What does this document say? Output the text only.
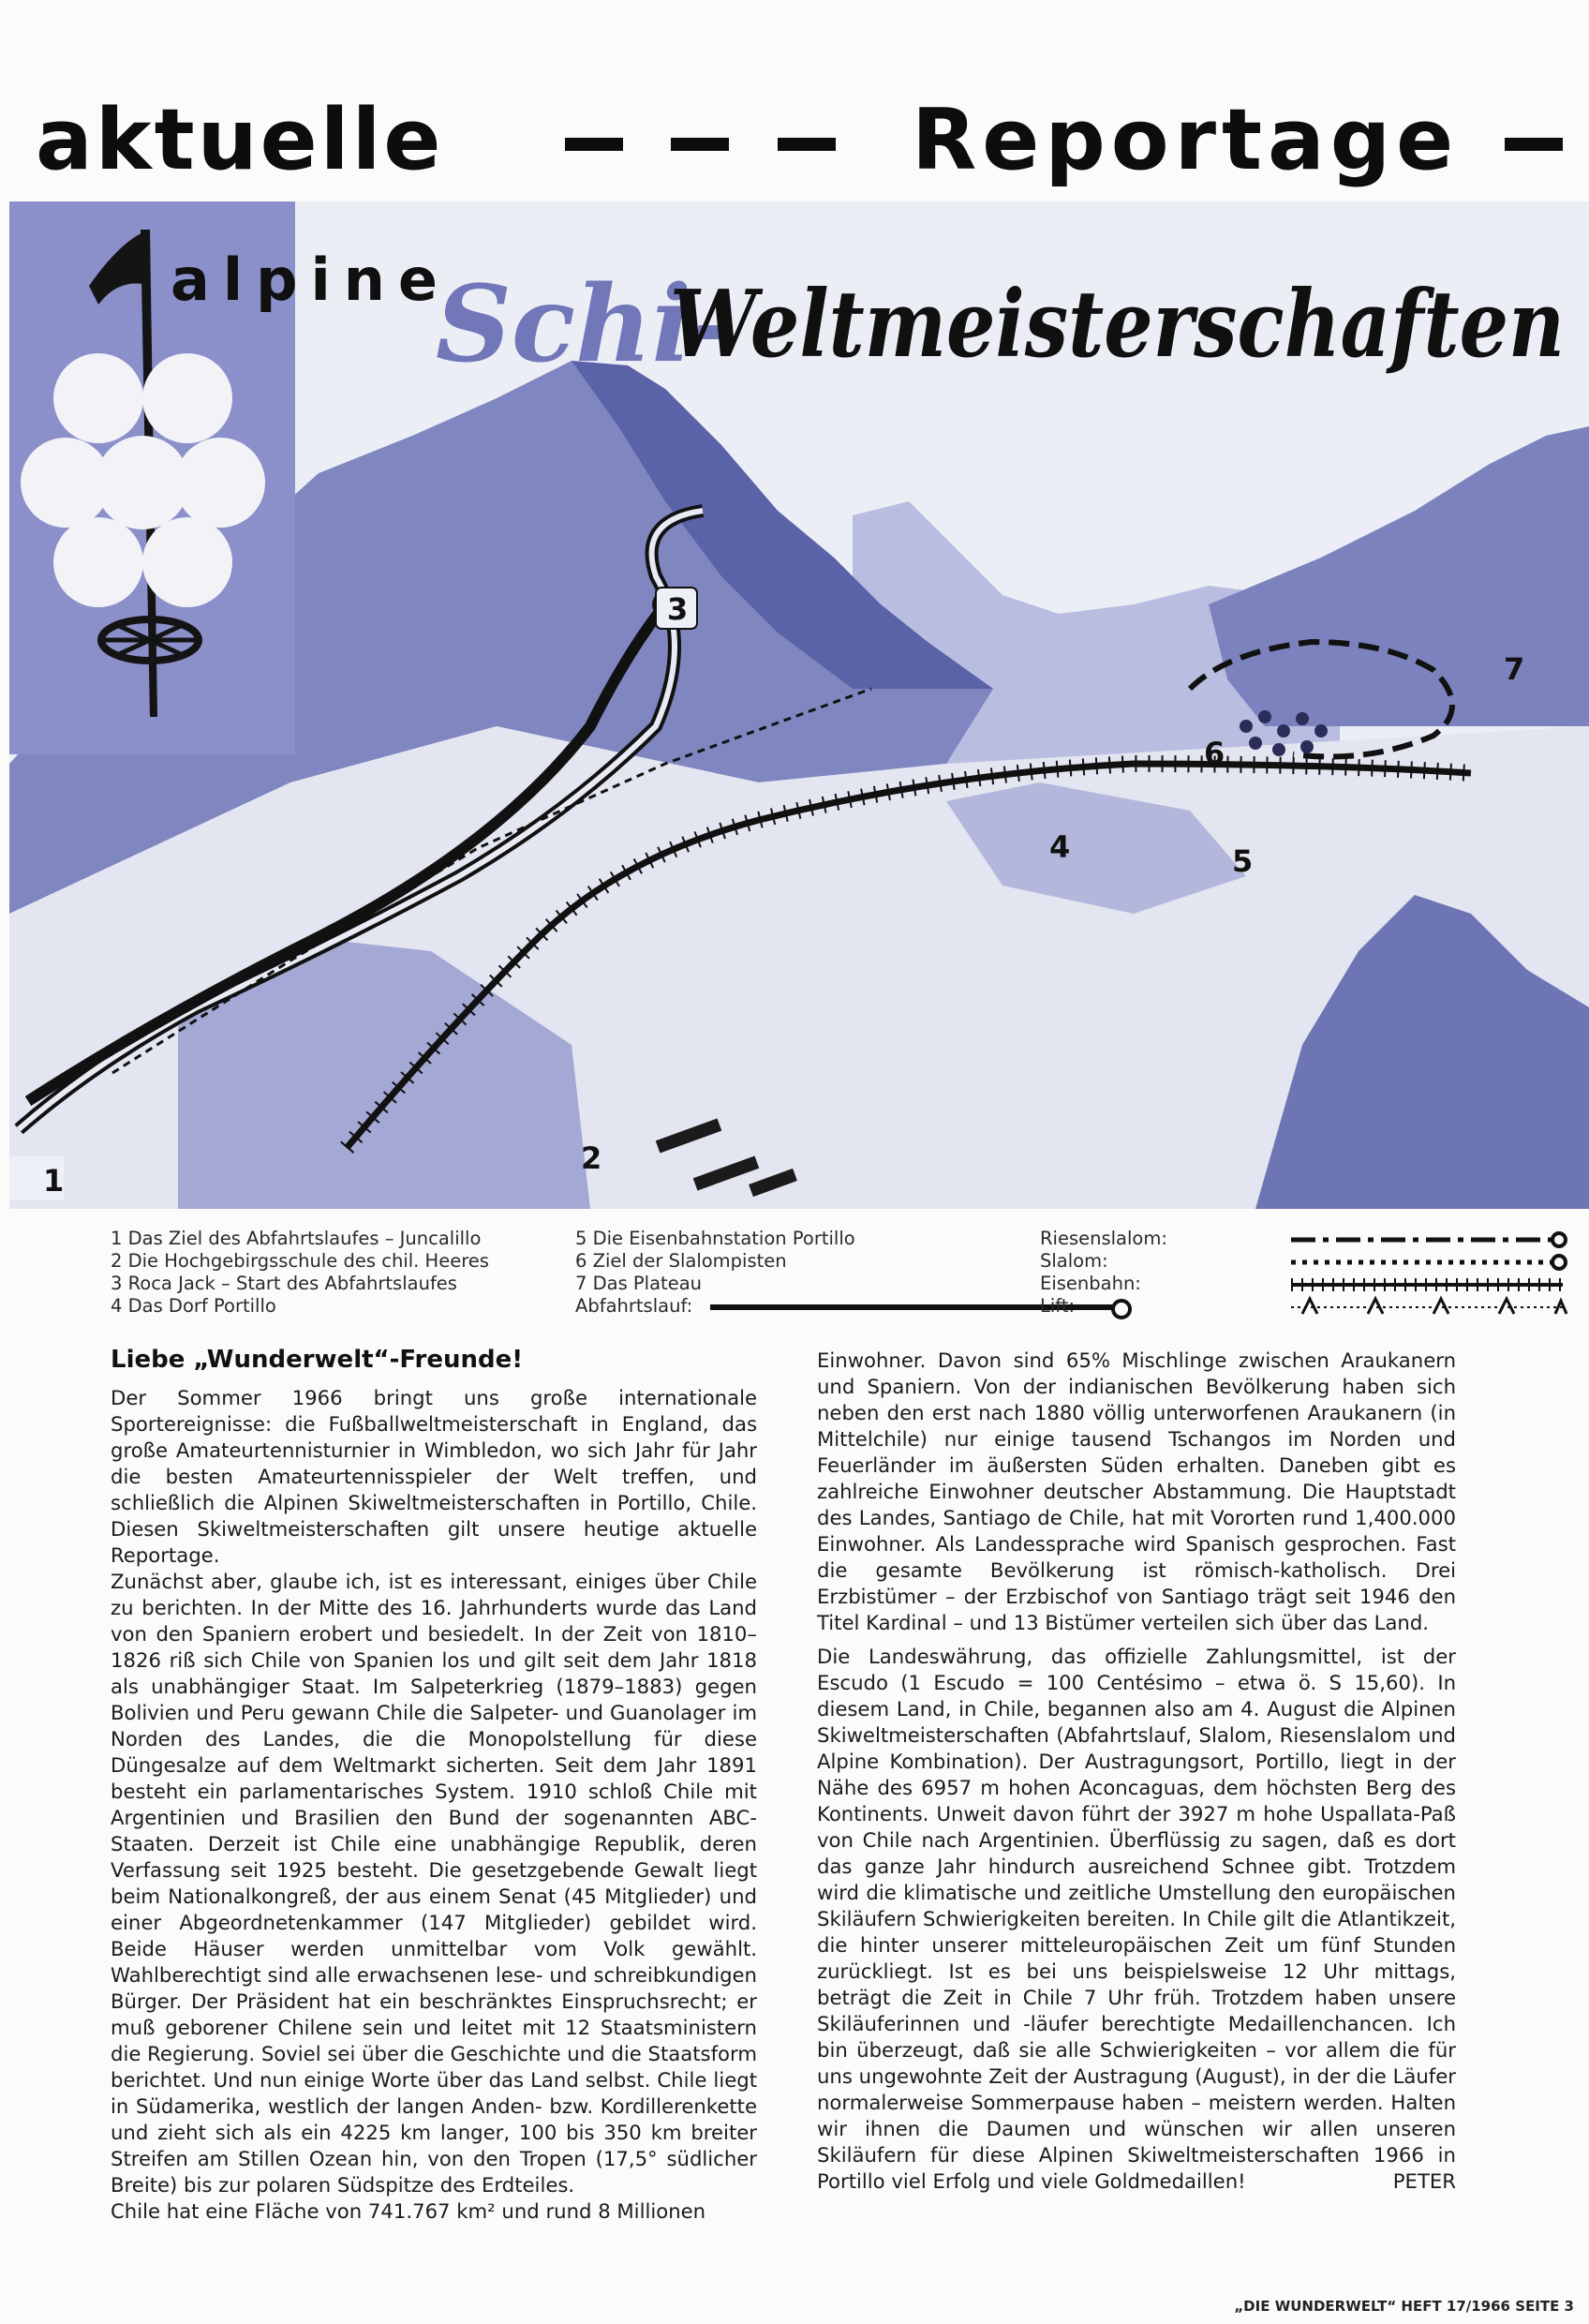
aktuelle	Reportage
alpine
Schi-
Weltmeisterschaften
1
2
3
4	5
6
7
1 Das Ziel des Abfahrtslaufes – Juncalillo
2 Die Hochgebirgsschule des chil. Heeres
3 Roca Jack – Start des Abfahrtslaufes
4 Das Dorf Portillo
5 Die Eisenbahnstation Portillo
6 Ziel der Slalompisten
7 Das Plateau
Abfahrtslauf:
Riesenslalom:
Slalom:
Eisenbahn:
Lift:
Liebe „Wunderwelt“-Freunde!

Der Sommer 1966 bringt uns große internationale Sportereignisse: die Fußballweltmeisterschaft in England, das große Amateurtennisturnier in Wimbledon, wo sich Jahr für Jahr die besten Amateurtennisspieler der Welt treffen, und schließlich die Alpinen Skiweltmeisterschaften in Portillo, Chile. Diesen Skiweltmeisterschaften gilt unsere heutige aktuelle Reportage.

Zunächst aber, glaube ich, ist es interessant, einiges über Chile zu berichten. In der Mitte des 16. Jahrhunderts wurde das Land von den Spaniern erobert und besiedelt. In der Zeit von 1810–1826 riß sich Chile von Spanien los und gilt seit dem Jahr 1818 als unabhängiger Staat. Im Salpeterkrieg (1879–1883) gegen Bolivien und Peru gewann Chile die Salpeter- und Guanolager im Norden des Landes, die die Monopolstellung für diese Düngesalze auf dem Weltmarkt sicherten. Seit dem Jahr 1891 besteht ein parlamentarisches System. 1910 schloß Chile mit Argentinien und Brasilien den Bund der sogenannten ABC-Staaten. Derzeit ist Chile eine unabhängige Republik, deren Verfassung seit 1925 besteht. Die gesetzgebende Gewalt liegt beim Nationalkongreß, der aus einem Senat (45 Mitglieder) und einer Abgeordnetenkammer (147 Mitglieder) gebildet wird. Beide Häuser werden unmittelbar vom Volk gewählt. Wahlberechtigt sind alle erwachsenen lese- und schreibkundigen Bürger. Der Präsident hat ein beschränktes Einspruchsrecht; er muß geborener Chilene sein und leitet mit 12 Staatsministern die Regierung. Soviel sei über die Geschichte und die Staatsform berichtet. Und nun einige Worte über das Land selbst. Chile liegt in Südamerika, westlich der langen Anden- bzw. Kordillerenkette und zieht sich als ein 4225 km langer, 100 bis 350 km breiter Streifen am Stillen Ozean hin, von den Tropen (17,5° südlicher Breite) bis zur polaren Südspitze des Erdteiles.

Chile hat eine Fläche von 741.767 km² und rund 8 Millionen

Einwohner. Davon sind 65% Mischlinge zwischen Araukanern und Spaniern. Von der indianischen Bevölkerung haben sich neben den erst nach 1880 völlig unterworfenen Araukanern (in Mittelchile) nur einige tausend Tschangos im Norden und Feuerländer im äußersten Süden erhalten. Daneben gibt es zahlreiche Einwohner deutscher Abstammung. Die Hauptstadt des Landes, Santiago de Chile, hat mit Vororten rund 1,400.000 Einwohner. Als Landessprache wird Spanisch gesprochen. Fast die gesamte Bevölkerung ist römisch-katholisch. Drei Erzbistümer – der Erzbischof von Santiago trägt seit 1946 den Titel Kardinal – und 13 Bistümer verteilen sich über das Land.

Die Landeswährung, das offizielle Zahlungsmittel, ist der Escudo (1 Escudo = 100 Centésimo – etwa ö. S 15,60). In diesem Land, in Chile, begannen also am 4. August die Alpinen Skiweltmeisterschaften (Abfahrtslauf, Slalom, Riesenslalom und Alpine Kombination). Der Austragungsort, Portillo, liegt in der Nähe des 6957 m hohen Aconcaguas, dem höchsten Berg des Kontinents. Unweit davon führt der 3927 m hohe Uspallata-Paß von Chile nach Argentinien. Überflüssig zu sagen, daß es dort das ganze Jahr hindurch ausreichend Schnee gibt. Trotzdem wird die klimatische und zeitliche Umstellung den europäischen Skiläufern Schwierigkeiten bereiten. In Chile gilt die Atlantikzeit, die hinter unserer mitteleuropäischen Zeit um fünf Stunden zurückliegt. Ist es bei uns beispielsweise 12 Uhr mittags, beträgt die Zeit in Chile 7 Uhr früh. Trotzdem haben unsere Skiläuferinnen und -läufer berechtigte Medaillenchancen. Ich bin überzeugt, daß sie alle Schwierigkeiten – vor allem die für uns ungewohnte Zeit der Austragung (August), in der die Läufer normalerweise Sommerpause haben – meistern werden. Halten wir ihnen die Daumen und wünschen wir allen unseren Skiläufern für diese Alpinen Skiweltmeisterschaften 1966 in Portillo viel Erfolg und viele Goldmedaillen!	PETER

„DIE WUNDERWELT“ HEFT 17/1966 SEITE 3
